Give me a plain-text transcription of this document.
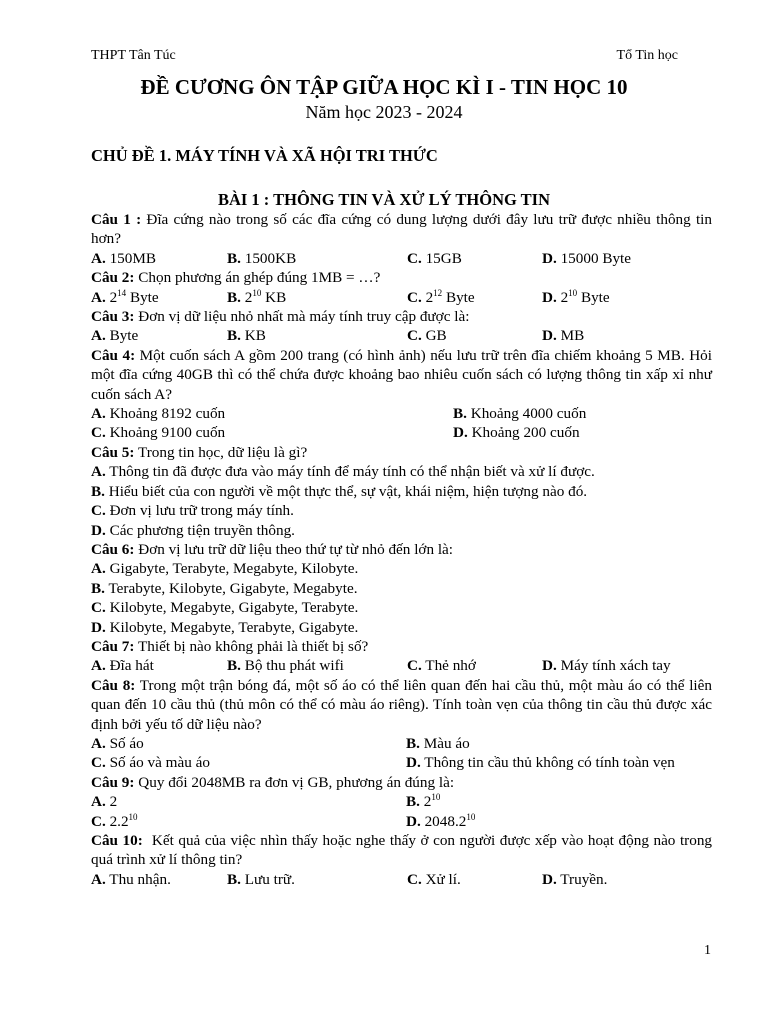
THPT Tân Túc	Tổ Tin học
ĐỀ CƯƠNG ÔN TẬP GIỮA HỌC KÌ I - TIN HỌC 10
Năm học 2023 - 2024
CHỦ ĐỀ 1. MÁY TÍNH VÀ XÃ HỘI TRI THỨC
BÀI 1 : THÔNG TIN VÀ XỬ LÝ THÔNG TIN
Câu 1 : Đĩa cứng nào trong số các đĩa cứng có dung lượng dưới đây lưu trữ được nhiều thông tin hơn?
A. 150MB	B. 1500KB	C. 15GB	D. 15000 Byte
Câu 2: Chọn phương án ghép đúng 1MB = …?
A. $2^{14}$ Byte	B. $2^{10}$ KB	C. $2^{12}$ Byte	D. $2^{10}$ Byte
Câu 3: Đơn vị dữ liệu nhỏ nhất mà máy tính truy cập được là:
A. Byte	B. KB	C. GB	D. MB
Câu 4: Một cuốn sách A gồm 200 trang (có hình ảnh) nếu lưu trữ trên đĩa chiếm khoảng 5 MB. Hỏi một đĩa cứng 40GB thì có thể chứa được khoảng bao nhiêu cuốn sách có lượng thông tin xấp xỉ như cuốn sách A?
A. Khoảng 8192 cuốn	B. Khoảng 4000 cuốn
C. Khoảng 9100 cuốn	D. Khoảng 200 cuốn
Câu 5: Trong tin học, dữ liệu là gì?
A. Thông tin đã được đưa vào máy tính để máy tính có thể nhận biết và xử lí được.
B. Hiểu biết của con người về một thực thể, sự vật, khái niệm, hiện tượng nào đó.
C. Đơn vị lưu trữ trong máy tính.
D. Các phương tiện truyền thông.
Câu 6: Đơn vị lưu trữ dữ liệu theo thứ tự từ nhỏ đến lớn là:
A. Gigabyte, Terabyte, Megabyte, Kilobyte.
B. Terabyte, Kilobyte, Gigabyte, Megabyte.
C. Kilobyte, Megabyte, Gigabyte, Terabyte.
D. Kilobyte, Megabyte, Terabyte, Gigabyte.
Câu 7: Thiết bị nào không phải là thiết bị số?
A. Đĩa hát	B. Bộ thu phát wifi	C. Thẻ nhớ	D. Máy tính xách tay
Câu 8: Trong một trận bóng đá, một số áo có thể liên quan đến hai cầu thủ, một màu áo có thể liên quan đến 10 cầu thủ (thủ môn có thể có màu áo riêng). Tính toàn vẹn của thông tin cầu thủ được xác định bởi yếu tố dữ liệu nào?
A. Số áo	B. Màu áo
C. Số áo và màu áo	D. Thông tin cầu thủ không có tính toàn vẹn
Câu 9: Quy đổi 2048MB ra đơn vị GB, phương án đúng là:
A. 2	B. $2^{10}$
C. $2.2^{10}$	D. 2048.2$^{10}$
Câu 10:  Kết quả của việc nhìn thấy hoặc nghe thấy ở con người được xếp vào hoạt động nào trong quá trình xử lí thông tin?
A. Thu nhận.	B. Lưu trữ.	C. Xử lí.	D. Truyền.
1
